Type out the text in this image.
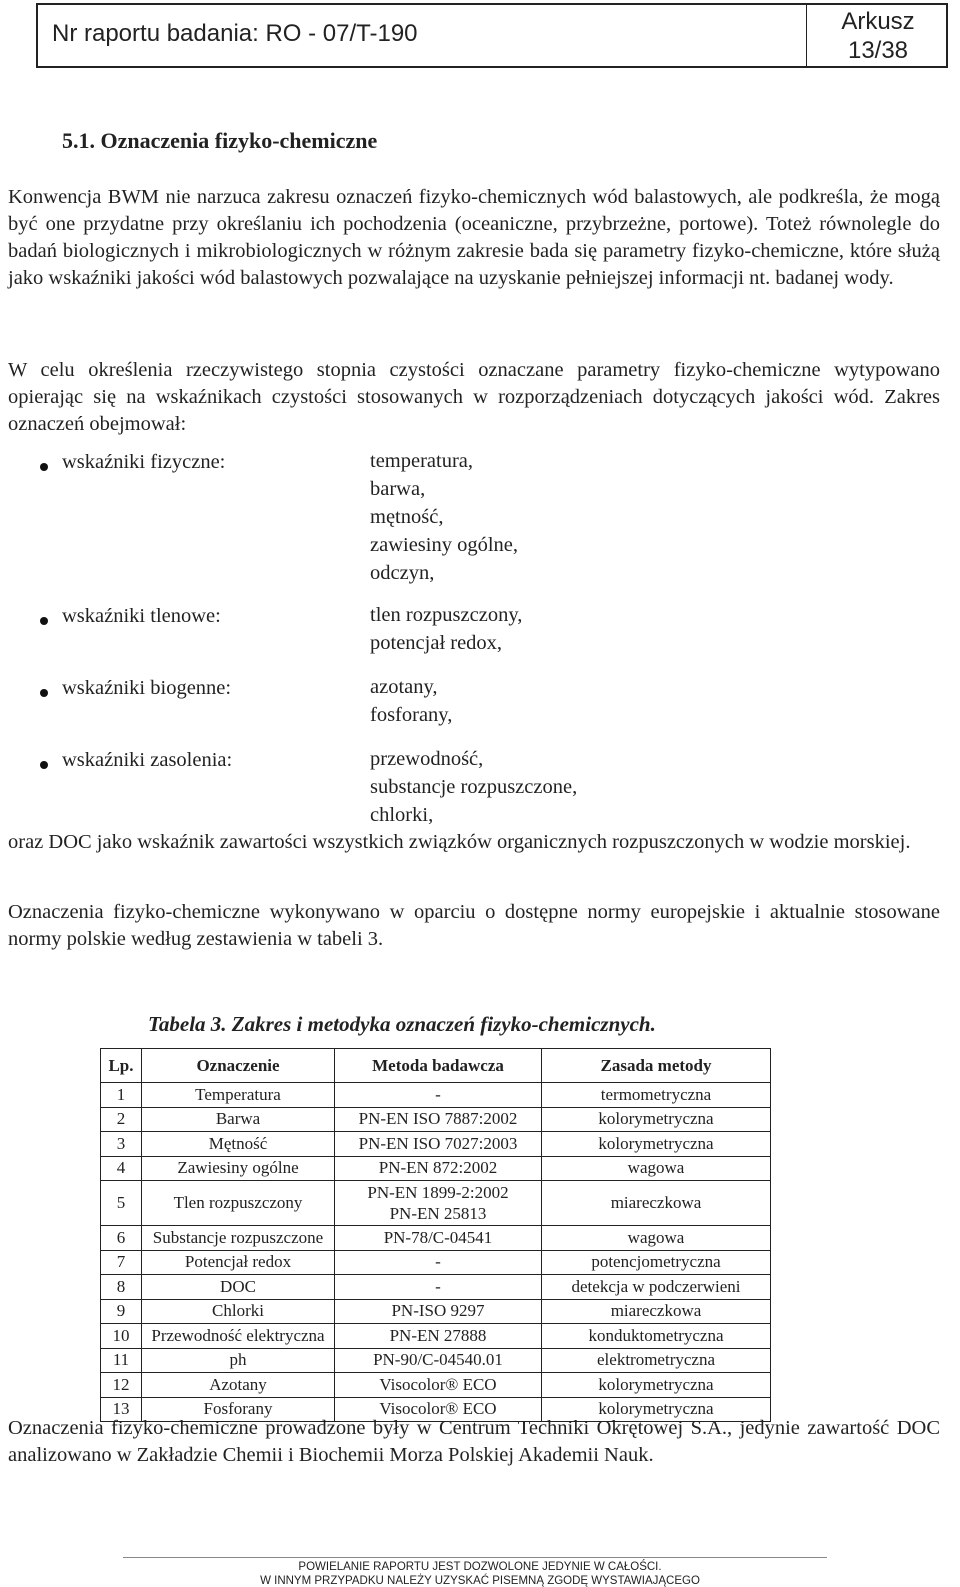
Nr raportu badania: RO - 07/T-190	Arkusz
13/38
5.1. Oznaczenia fizyko-chemiczne

Konwencja BWM nie narzuca zakresu oznaczeń fizyko-chemicznych wód balastowych, ale podkreśla, że mogą być one przydatne przy określaniu ich pochodzenia (oceaniczne, przybrzeżne, portowe). Toteż równolegle do badań biologicznych i mikrobiologicznych w różnym zakresie bada się parametry fizyko-chemiczne, które służą jako wskaźniki jakości wód balastowych pozwalające na uzyskanie pełniejszej informacji nt. badanej wody.

W celu określenia rzeczywistego stopnia czystości oznaczane parametry fizyko-chemiczne wytypowano opierając się na wskaźnikach czystości stosowanych w rozporządzeniach dotyczących jakości wód. Zakres oznaczeń obejmował:

wskaźniki fizyczne:	temperatura,
barwa,
mętność,
zawiesiny ogólne,
odczyn,
wskaźniki tlenowe:	tlen rozpuszczony,
potencjał redox,
wskaźniki biogenne:	azotany,
fosforany,
wskaźniki zasolenia:	przewodność,
substancje rozpuszczone,
chlorki,

oraz DOC jako wskaźnik zawartości wszystkich związków organicznych rozpuszczonych w wodzie morskiej.

Oznaczenia fizyko-chemiczne wykonywano w oparciu o dostępne normy europejskie i aktualnie stosowane normy polskie według zestawienia w tabeli 3.

Tabela 3. Zakres i metodyka oznaczeń fizyko-chemicznych.
Lp.	Oznaczenie	Metoda badawcza	Zasada metody
1	Temperatura	-	termometryczna
2	Barwa	PN-EN ISO 7887:2002	kolorymetryczna
3	Mętność	PN-EN ISO 7027:2003	kolorymetryczna
4	Zawiesiny ogólne	PN-EN 872:2002	wagowa
5	Tlen rozpuszczony	PN-EN 1899-2:2002
PN-EN 25813	miareczkowa
6	Substancje rozpuszczone	PN-78/C-04541	wagowa
7	Potencjał redox	-	potencjometryczna
8	DOC	-	detekcja w podczerwieni
9	Chlorki	PN-ISO 9297	miareczkowa
10	Przewodność elektryczna	PN-EN 27888	konduktometryczna
11	ph	PN-90/C-04540.01	elektrometryczna
12	Azotany	Visocolor® ECO	kolorymetryczna
13	Fosforany	Visocolor® ECO	kolorymetryczna

Oznaczenia fizyko-chemiczne prowadzone były w Centrum Techniki Okrętowej S.A., jedynie zawartość DOC analizowano w Zakładzie Chemii i Biochemii Morza Polskiej Akademii Nauk.

POWIELANIE RAPORTU JEST DOZWOLONE JEDYNIE W CAŁOŚCI.
W INNYM PRZYPADKU NALEŻY UZYSKAĆ PISEMNĄ ZGODĘ WYSTAWIAJĄCEGO
